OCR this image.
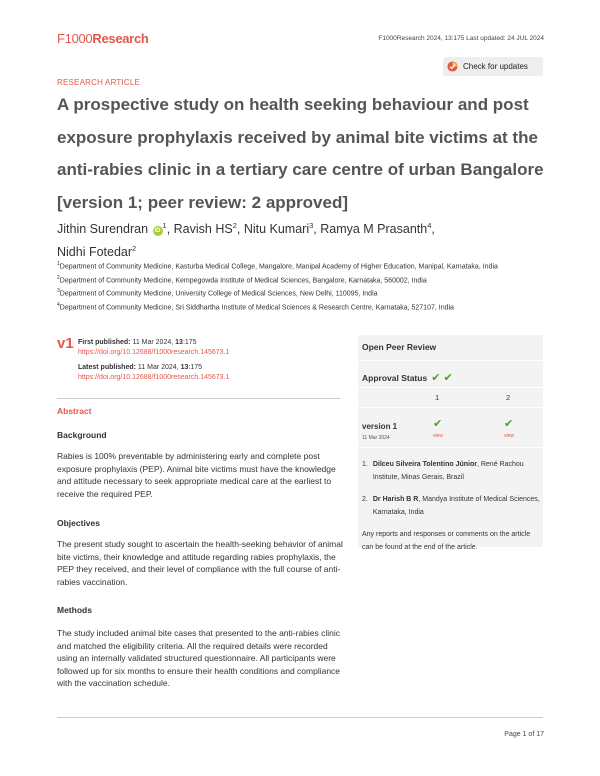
F1000Research	F1000Research 2024, 13:175 Last updated: 24 JUL 2024
RESEARCH ARTICLE
Check for updates
A prospective study on health seeking behaviour and post exposure prophylaxis received by animal bite victims at the anti-rabies clinic in a tertiary care centre of urban Bangalore [version 1; peer review: 2 approved]
Jithin Surendran $iD^1$, Ravish $HS^2$, Nitu Kumari$^3$, Ramya M Prasanth$^4$,
Nidhi Fotedar$^2$
$^1$Department of Community Medicine, Kasturba Medical College, Mangalore, Manipal Academy of Higher Education, Manipal, Karnataka, India
$^2$Department of Community Medicine, Kempegowda Institute of Medical Sciences, Bangalore, Karnataka, 560002, India
$^3$Department of Community Medicine, University College of Medical Sciences, New Delhi, 110095, India
$^4$Department of Community Medicine, Sri Siddhartha Institute of Medical Sciences & Research Centre, Karnataka, 527107, India
v1 First published: 11 Mar 2024, 13:175
https://doi.org/10.12688/f1000research.145673.1
Latest published: 11 Mar 2024, 13:175
https://doi.org/10.12688/f1000research.145673.1
Abstract
Background
Rabies is 100% preventable by administering early and complete post exposure prophylaxis (PEP). Animal bite victims must have the knowledge and attitude necessary to seek appropriate medical care at the earliest to receive the required PEP.
Objectives
The present study sought to ascertain the health-seeking behavior of animal bite victims, their knowledge and attitude regarding rabies prophylaxis, the PEP they received, and their level of compliance with the full course of anti-rabies vaccination.
Methods
The study included animal bite cases that presented to the anti-rabies clinic and matched the eligibility criteria. All the required details were recorded using an internally validated structured questionnaire. All participants were followed up for six months to ensure their health conditions and compliance with the vaccination schedule.
Open Peer Review
Approval Status ✔ ✔
1	2
version 1
11 Mar 2024
✔	✔
view	view
1. Dilceu Silveira Tolentino Júnior, René Rachou Institute, Minas Gerais, Brazil
2. Dr Harish B R, Mandya Institute of Medical Sciences, Karnataka, India
Any reports and responses or comments on the article can be found at the end of the article.
Page 1 of 17
